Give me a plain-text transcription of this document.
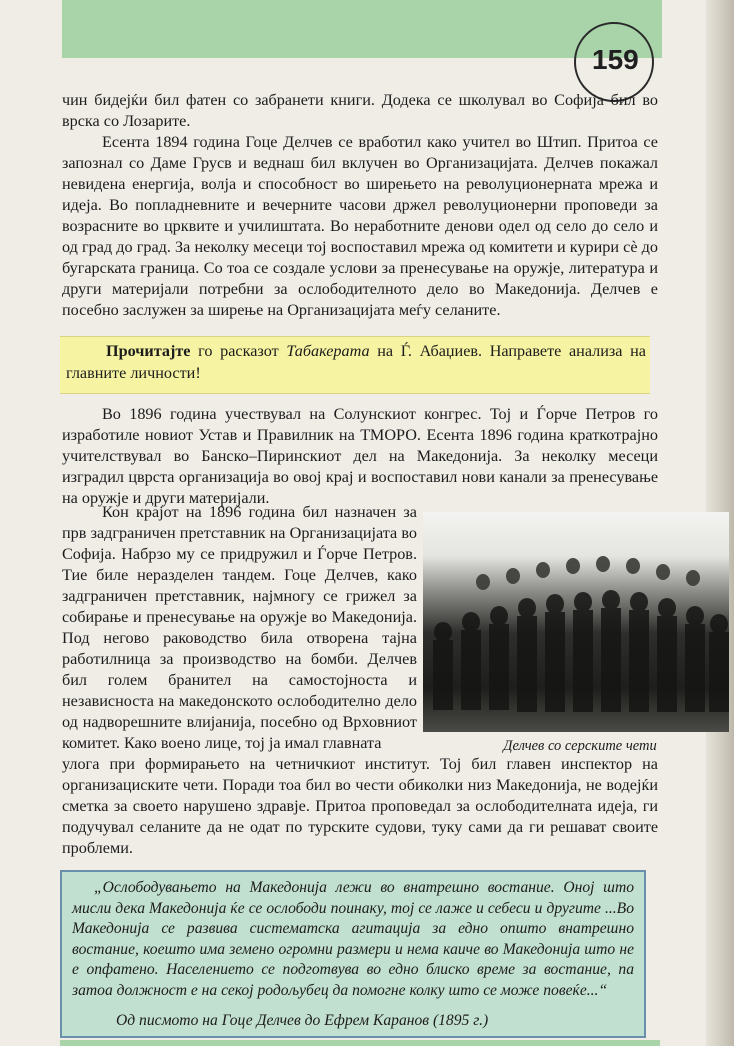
159

чин бидејќи бил фатен со забранети книги. Додека се школувал во Софија бил во врска со Лозарите.

Есента 1894 година Гоце Делчев се вработил како учител во Штип. Притоа се запознал со Даме Грусв и веднаш бил вклучен во Организацијата. Делчев покажал невидена енергија, волја и способност во ширењето на револуционерната мрежа и идеја. Во попладневните и вечерните часови држел револуционерни проповеди за возрасните во црквите и училиштата. Во неработните денови одел од село до село и од град до град. За неколку месеци тој воспоставил мрежа од комитети и курири сè до бугарската граница. Со тоа се создале услови за пренесување на оружје, литература и други материјали потребни за ослободителното дело во Македонија. Делчев е посебно заслужен за ширење на Организацијата меѓу селаните.

Прочитајте го расказот Табакерата на Ѓ. Абаџиев. Направете анализа на главните личности!

Во 1896 година учествувал на Солунскиот конгрес. Тој и Ѓорче Петров го изработиле новиот Устав и Правилник на ТМОРО. Есента 1896 година краткотрајно учителствувал во Банско–Пиринскиот дел на Македонија. За неколку месеци изградил цврста организација во овој крај и воспоставил нови канали за пренесување на оружје и други материјали.

Кон крајот на 1896 година бил назначен за прв задграничен претставник на Организацијата во Софија. Набрзо му се придружил и Ѓорче Петров. Тие биле неразделен тандем. Гоце Делчев, како задграничен претставник, најмногу се грижел за собирање и пренесување на оружје во Македонија. Под негово раководство била отворена тајна работилница за производство на бомби. Делчев бил голем бранител на самостојноста и независноста на македонското ослободително дело од надворешните влијанија, посебно од Врховниот комитет. Како воено лице, тој ја имал главната	Делчев со серските чети

улога при формирањето на четничкиот институт. Тој бил главен инспектор на организациските чети. Поради тоа бил во чести обиколки низ Македонија, не водејќи сметка за своето нарушено здравје. Притоа проповедал за ослободителната идеја, ги подучувал селаните да не одат по турските судови, туку сами да ги решават своите проблеми.

„Ослободувањето на Македонија лежи во внатрешно востание. Оној што мисли дека Македонија ќе се ослободи поинаку, тој се лаже и себеси и другите ...Во Македонија се развива систематска агитација за едно општо внатрешно востание, коешто има земено огромни размери и нема каиче во Македонија што не е опфатено. Населението се подготвува во едно блиско време за востание, па затоа должност е на секој родољубец да помогне колку што се може повеќе...“
Од писмото на Гоце Делчев до Ефрем Каранов (1895 г.)
